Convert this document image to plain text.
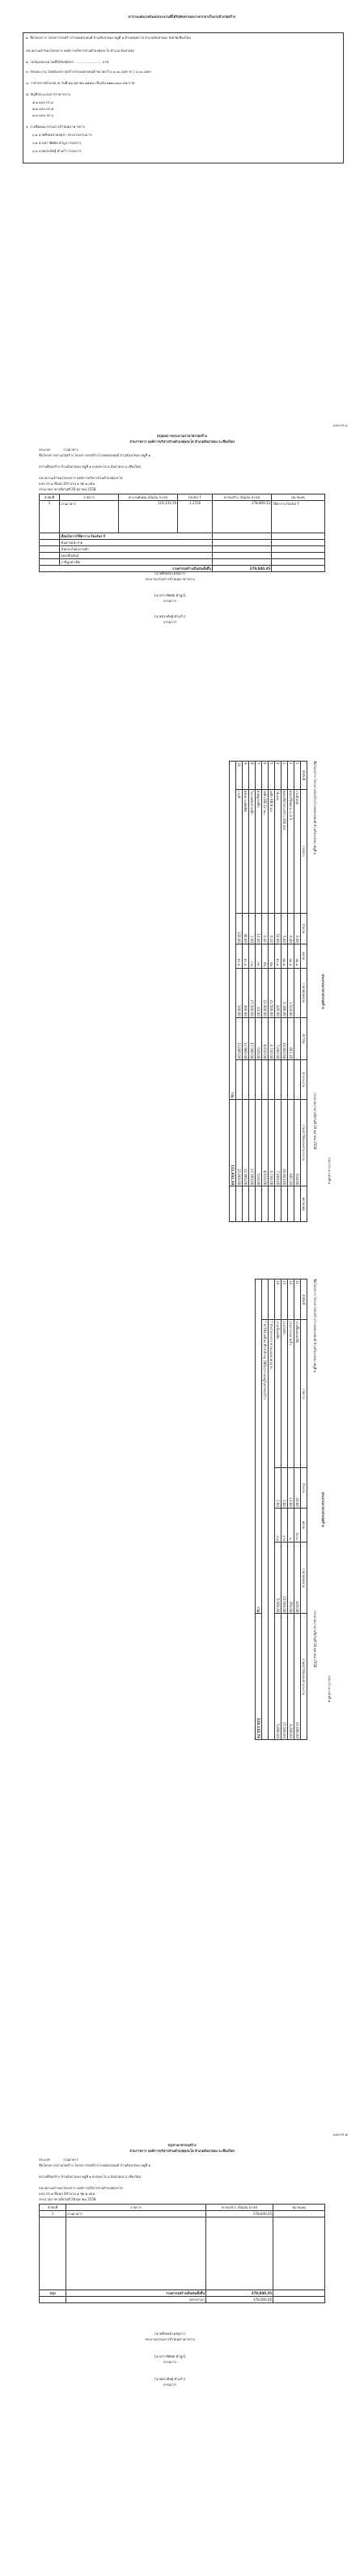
ตารางแสดงวงเงินงบประมาณที่ได้รับจัดสรรและราคากลางในงานจ้างก่อสร้าง
๑. ชื่อโครงการ โครงการก่อสร้างโรงจอดรถยนต์ บ้านสันป่าตอง หมู่ที่ ๑ ตำบลทุ่งสะโฮ อำเภอสันป่าตอง จังหวัดเชียงใหม่
หน่วยงานเจ้าของโครงการ องค์การบริหารส่วนตำบลทุ่งสะโฮ อำเภอ สันป่าตอง
๒. วงเงินงบประมาณที่ได้รับจัดสรร .......................... บาท
๓. ลักษณะงาน โดยสังเขป ก่อสร้างโรงจอดรถยนต์ ขนาดกว้าง ๔.๐๐ เมตร ยาว ๖.๐๐ เมตร
๔. ราคากลางคำนวณ ณ วันที่ ๒๖ ตุลาคม ๒๕๕๘ เป็นเงิน ๒๗๘,๘๔๐.๓๕ บาท
๕. บัญชีประมาณการราคากลาง
๕.๑ แบบ ปร.๔
๕.๒ แบบ ปร.๕
๕.๓ แบบ ปร.๖
๖. รายชื่อคณะกรรมการกำหนดราคากลาง
๖.๑ นายพีรพงษ์ เดชสุภา ประธานกรรมการ
๖.๒ นางสาวพิศมัย คำมูล กรรมการ
๖.๓ นายประดิษฐ์ คำแก้ว กรรมการ
แบบ ปร.๖
สรุปผลการประมาณราคาค่าก่อสร้าง
ส่วนราชการ องค์การบริหารส่วนตำบลทุ่งสะโฮ อำเภอสันป่าตอง จ.เชียงใหม่
ประเภท	งานอาคาร
ชื่อโครงการ/งานก่อสร้าง โครงการก่อสร้างโรงจอดรถยนต์ บ้านสันป่าตอง หมู่ที่ ๑
สถานที่ก่อสร้าง บ้านสันป่าตอง หมู่ที่ ๑ ต.ทุ่งสะโฮ อ.สันป่าตอง จ.เชียงใหม่
หน่วยงานเจ้าของโครงการ องค์การบริหารส่วนตำบลทุ่งสะโฮ
แบบ ปร.๔ ที่แนบ มีจำนวน ๑ ชุด ๑ แผ่น
ประมาณราคาเมื่อวันที่ 26 ตุลาคม 2558
ลำดับที่	รายการ	ค่างานต้นทุน เป็นเงิน (บาท)	Factor F	ค่าก่อสร้าง เป็นเงิน (บาท)	หมายเหตุ
1	งานอาคาร	219,133.76	1.2726	278,869.33	ใช้ตาราง Factor F
	เงื่อนไขการใช้ตาราง Factor F				
	เงินล่วงหน้าจ่าย				
	เงินประกันผลงานหัก				
	ดอกเบี้ยเงินกู้				
	ภาษีมูลค่าเพิ่ม				
รวมค่าก่อสร้างเป็นเงินทั้งสิ้น				278,840.35	
(นายพีรพงษ์ เดชสุภา)
ประธานกรรมการกำหนดราคากลาง
(นางสาวพิศมัย คำมูล)
กรรมการ
(นายประดิษฐ์ คำแก้ว)
กรรมการ
แบบ ปร.๔ แผ่นที่ ๑
ประมาณราคาค่าก่อสร้าง
ชื่อโครงการ โครงการก่อสร้างโรงจอดรถยนต์ บ้านสันป่าตอง หมู่ที่ ๑
ประมาณราคาเมื่อวันที่ 26 ตุลาคม 2558
ลำดับที่	รายการ	จำนวน	หน่วย	ราคาต่อหน่วย	ค่าวัสดุ	ค่าแรงงาน	รวมค่าวัสดุและค่าแรงงาน	หมายเหตุ
1	งานดินขุด	6.00	ลบ.ม.	-	-	-	618.00	
2	คอนกรีตหยาบ 1:3:5	0.40	ลบ.ม.	1,518.00	607.20		607.20	
3	คอนกรีตโครงสร้าง 240 ksc	5.02	ลบ.ม.	2,180.00	10,943.60		10,943.60	
4	ไม้แบบ	32.00	ตร.ม.	220.00	7,040.00		7,040.00	
5	เหล็ก RB 9 มม.	0.22	ตัน	21,500.00	4,730.00		4,730.00	
6	เหล็ก DB 12 มม.	0.41	ตัน	21,000.00	8,610.00		8,610.00	
7	ลวดผูกเหล็ก	12.00	กก.	43.00	516.00		516.00	
8	โครงหลังคาเหล็ก	1.00	งาน	27,500.00	27,500.00		27,500.00	
9	หลังคาเมทัลชีท	36.00	ตร.ม.	360.00	12,960.00		12,960.00	
10	งานสี	120.00	ตร.ม.	100.00	12,000.00		12,000.00	
รวม							111,932.39	
แบบ ปร.๔ แผ่นที่ ๒
ประมาณราคาค่าก่อสร้าง
ชื่อโครงการ โครงการก่อสร้างโรงจอดรถยนต์ บ้านสันป่าตอง หมู่ที่ ๑
ประมาณราคาเมื่อวันที่ 26 ตุลาคม 2558
ลำดับที่	รายการ	จำนวน	หน่วย	ราคาต่อหน่วย	รวมค่าวัสดุและค่าแรงงาน
11	งานพื้นคอนกรีต	24.00	ตร.ม.	420.00	10,080.00
12	งานรางระบายน้ำ	12.00	ม.	350.00	4,200.00
13	งานไฟฟ้า	1.00	งาน	15,500.00	15,500.00
14	งานเบ็ดเตล็ด	1.00	งาน	5,000.00	5,000.00
	* ป้ายโครงการ ตามแบบมาตรฐาน				
	* ค่าใช้จ่ายอื่นๆ ที่ไม่ได้ระบุ ให้ถือว่ารวมอยู่ในค่าก่อสร้าง				
รวม					219,133.76
แบบ ปร.๕
สรุปราคาค่าก่อสร้าง
ส่วนราชการ องค์การบริหารส่วนตำบลทุ่งสะโฮ อำเภอสันป่าตอง จ.เชียงใหม่
ประเภท	งานอาคาร
ชื่อโครงการ/งานก่อสร้าง โครงการก่อสร้างโรงจอดรถยนต์ บ้านสันป่าตอง หมู่ที่ ๑
สถานที่ก่อสร้าง บ้านสันป่าตอง หมู่ที่ ๑ ต.ทุ่งสะโฮ อ.สันป่าตอง จ.เชียงใหม่
หน่วยงานเจ้าของโครงการ องค์การบริหารส่วนตำบลทุ่งสะโฮ
แบบ ปร.๔ ที่แนบ มีจำนวน ๑ ชุด ๒ แผ่น
ประมาณราคาเมื่อวันที่ 26 ตุลาคม 2558
ลำดับที่	รายการ	ค่าก่อสร้าง เป็นเงิน (บาท)	หมายเหตุ
1	งานอาคาร	278,840.35	

สรุป	รวมค่าก่อสร้างเป็นเงินทั้งสิ้น	278,840.35	
	ตกลงราคา	278,000.00	
(นายพีรพงษ์ เดชสุภา)
ประธานกรรมการกำหนดราคากลาง
(นางสาวพิศมัย คำมูล)
กรรมการ
(นายประดิษฐ์ คำแก้ว)
กรรมการ
